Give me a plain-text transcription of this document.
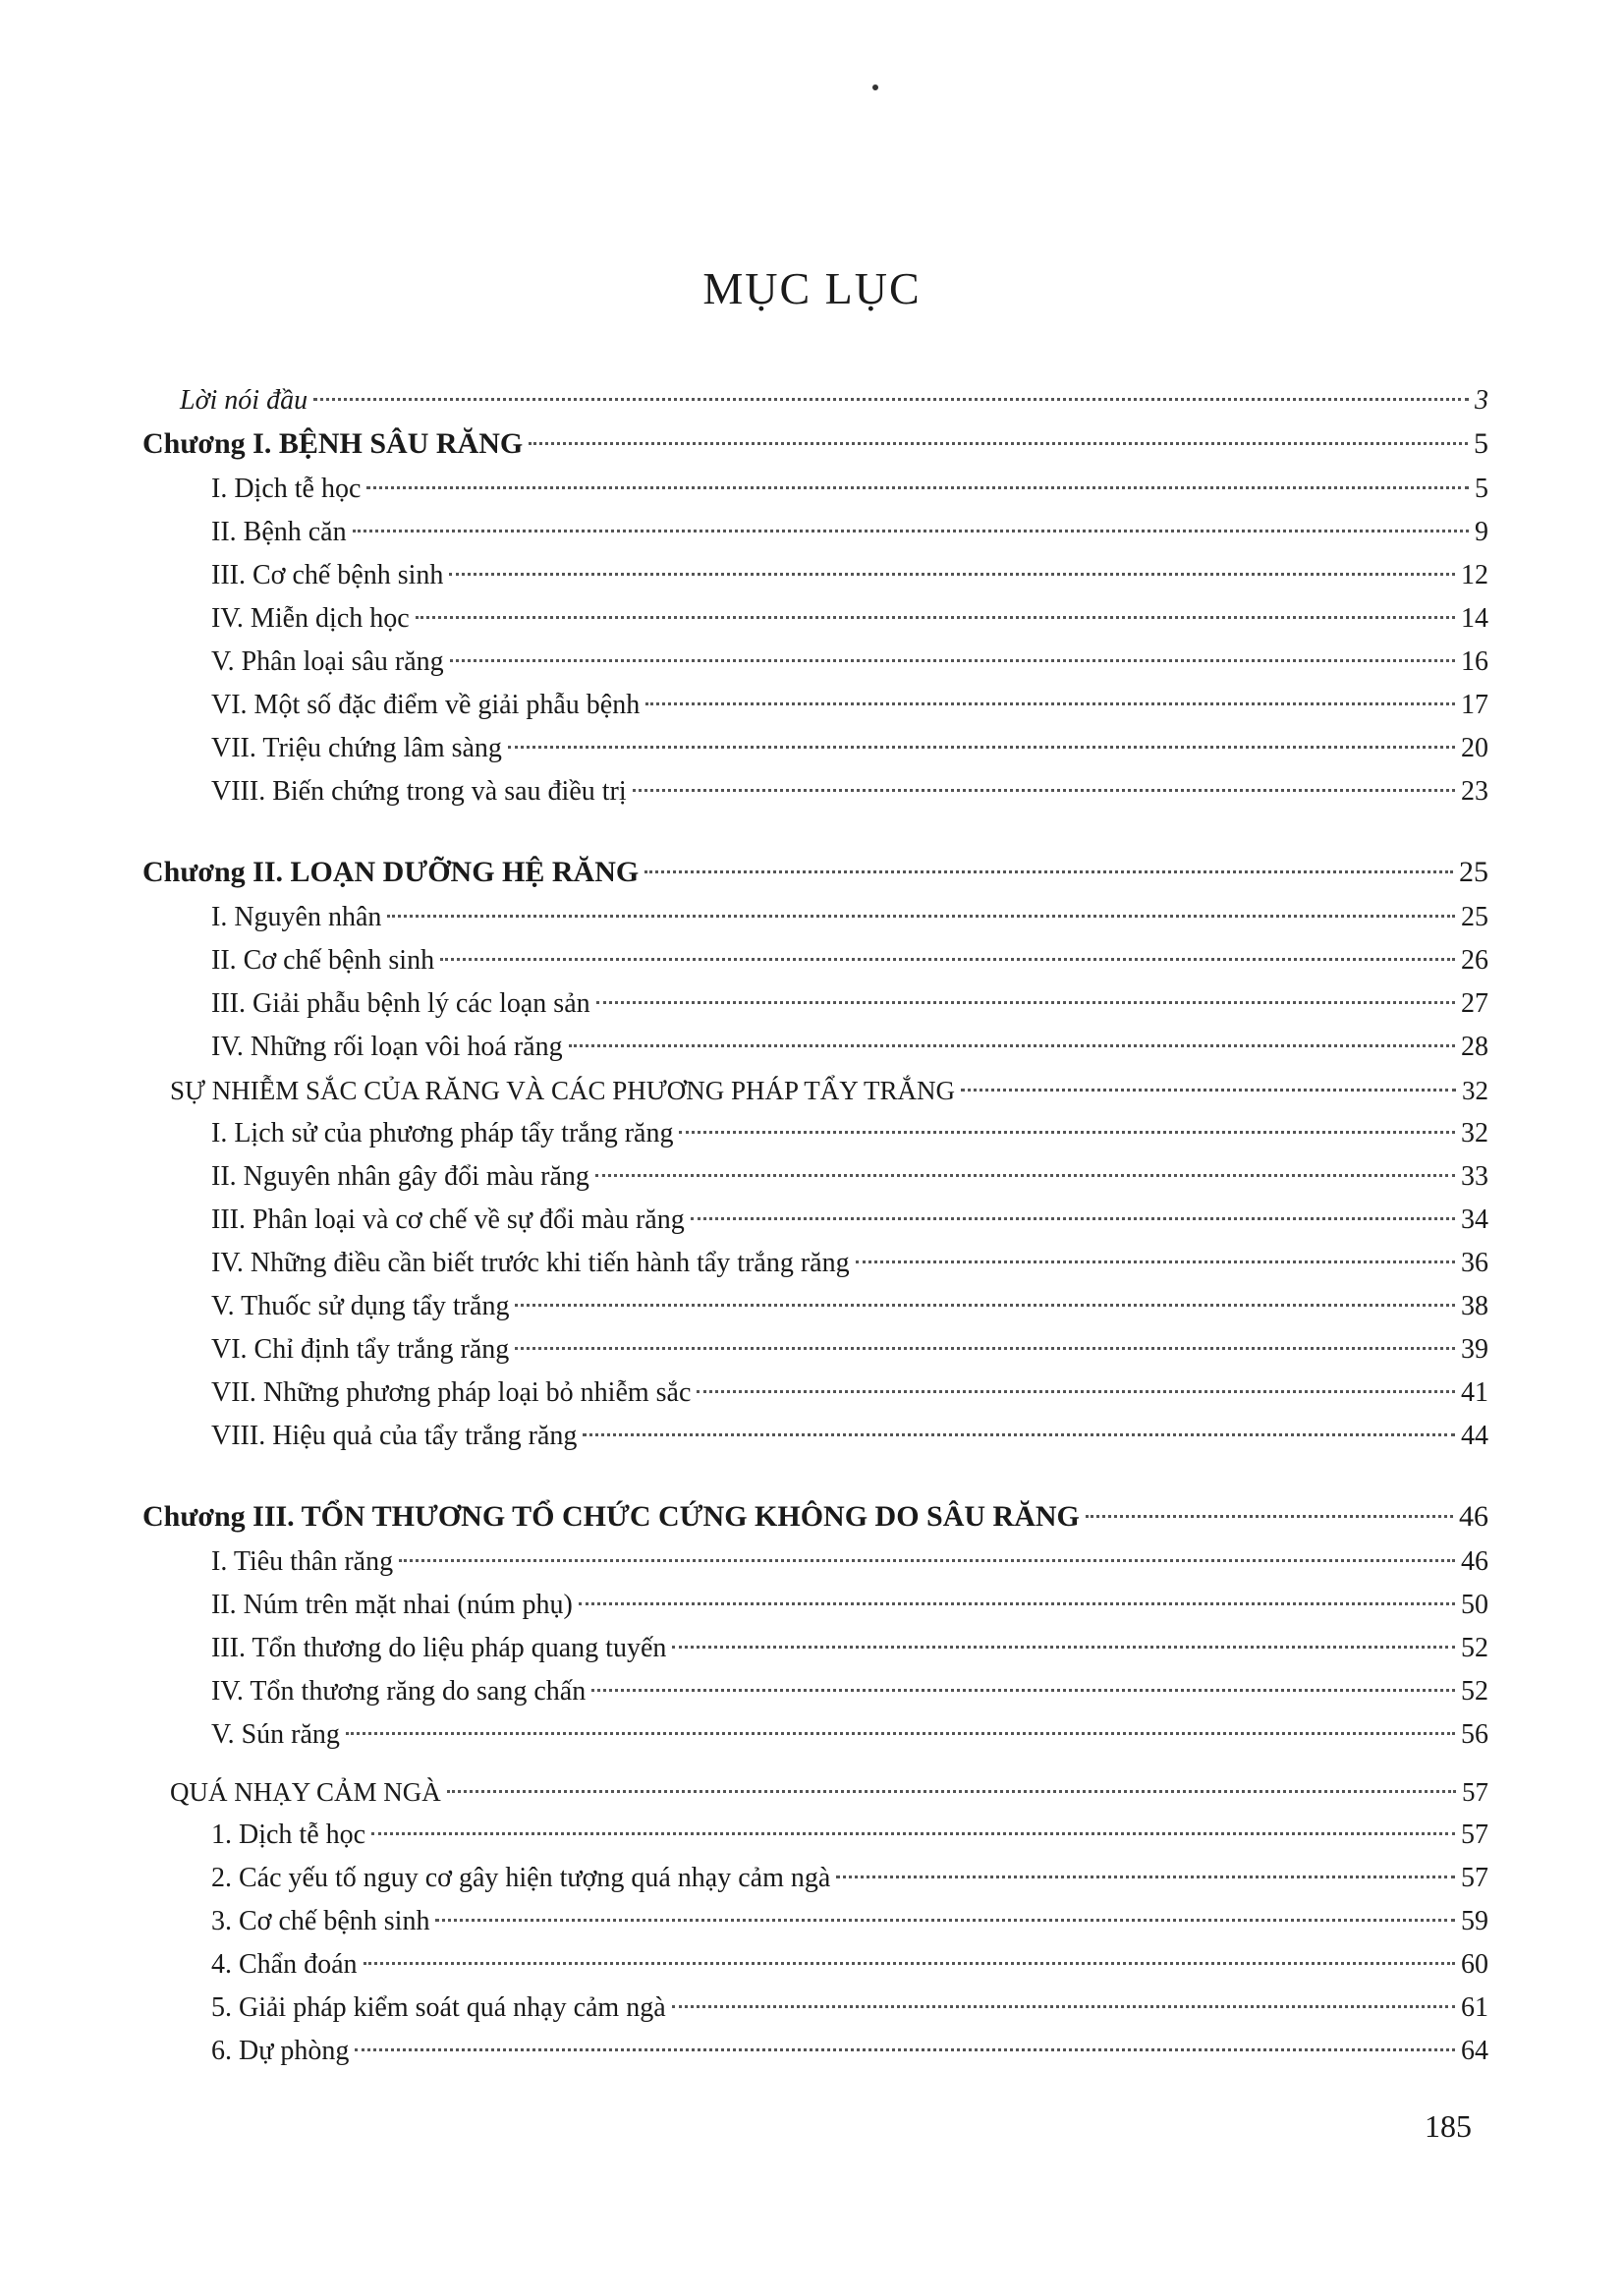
MỤC LỤC
Lời nói đầu	3
Chương I. BỆNH SÂU RĂNG	5
I. Dịch tễ học	5
II. Bệnh căn	9
III. Cơ chế bệnh sinh	12
IV. Miễn dịch học	14
V. Phân loại sâu răng	16
VI. Một số đặc điểm về giải phẫu bệnh	17
VII. Triệu chứng lâm sàng	20
VIII. Biến chứng trong và sau điều trị	23
Chương II. LOẠN DƯỠNG HỆ RĂNG	25
I. Nguyên nhân	25
II. Cơ chế bệnh sinh	26
III. Giải phẫu bệnh lý các loạn sản	27
IV. Những rối loạn vôi hoá răng	28
SỰ NHIỄM SẮC CỦA RĂNG VÀ CÁC PHƯƠNG PHÁP TẨY TRẮNG	32
I. Lịch sử của phương pháp tẩy trắng răng	32
II. Nguyên nhân gây đổi màu răng	33
III. Phân loại và cơ chế về sự đổi màu răng	34
IV. Những điều cần biết trước khi tiến hành tẩy trắng răng	36
V. Thuốc sử dụng tẩy trắng	38
VI. Chỉ định tẩy trắng răng	39
VII. Những phương pháp loại bỏ nhiễm sắc	41
VIII. Hiệu quả của tẩy trắng răng	44
Chương III. TỔN THƯƠNG TỔ CHỨC CỨNG KHÔNG DO SÂU RĂNG	46
I. Tiêu thân răng	46
II. Núm trên mặt nhai (núm phụ)	50
III. Tổn thương do liệu pháp quang tuyến	52
IV. Tổn thương răng do sang chấn	52
V. Sún răng	56
QUÁ NHẠY CẢM NGÀ	57
1. Dịch tễ học	57
2. Các yếu tố nguy cơ gây hiện tượng quá nhạy cảm ngà	57
3. Cơ chế bệnh sinh	59
4. Chẩn đoán	60
5. Giải pháp kiểm soát quá nhạy cảm ngà	61
6. Dự phòng	64
185
